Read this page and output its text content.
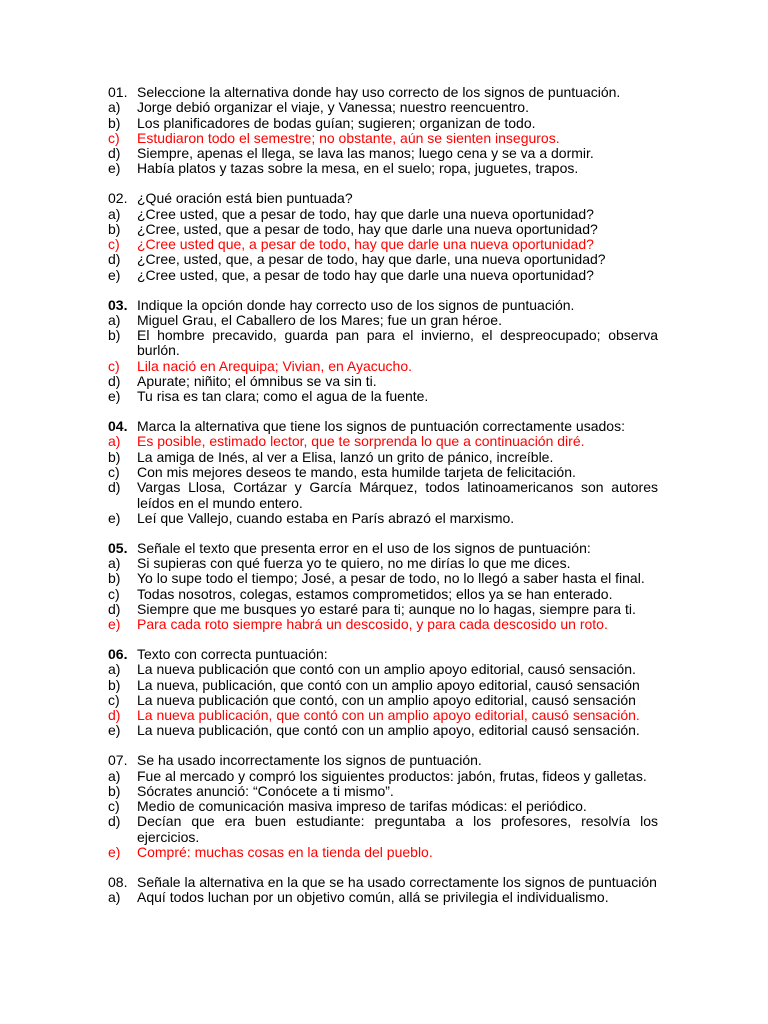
01. Seleccione la alternativa donde hay uso correcto de los signos de puntuación.
a)	Jorge debió organizar el viaje, y Vanessa; nuestro reencuentro.
b)	Los planificadores de bodas guían; sugieren; organizan de todo.
c)	Estudiaron todo el semestre; no obstante, aún se sienten inseguros.
d)	Siempre, apenas el llega, se lava las manos; luego cena y se va a dormir.
e)	Había platos y tazas sobre la mesa, en el suelo; ropa, juguetes, trapos.
02. ¿Qué oración está bien puntuada?
a)	¿Cree usted, que a pesar de todo, hay que darle una nueva oportunidad?
b)	¿Cree, usted, que a pesar de todo, hay que darle una nueva oportunidad?
c)	¿Cree usted que, a pesar de todo, hay que darle una nueva oportunidad?
d)	¿Cree, usted, que, a pesar de todo, hay que darle, una nueva oportunidad?
e)	¿Cree usted, que, a pesar de todo hay que darle una nueva oportunidad?
03. Indique la opción donde hay correcto uso de los signos de puntuación.
a)	Miguel Grau, el Caballero de los Mares; fue un gran héroe.
b)	El hombre precavido, guarda pan para el invierno, el despreocupado; observa burlón.
c)	Lila nació en Arequipa; Vivian, en Ayacucho.
d)	Apurate; niñito; el ómnibus se va sin ti.
e)	Tu risa es tan clara; como el agua de la fuente.
04. Marca la alternativa que tiene los signos de puntuación correctamente usados:
a)	Es posible, estimado lector, que te sorprenda lo que a continuación diré.
b)	La amiga de Inés, al ver a Elisa, lanzó un grito de pánico, increíble.
c)	Con mis mejores deseos te mando, esta humilde tarjeta de felicitación.
d)	Vargas Llosa, Cortázar y García Márquez, todos latinoamericanos son autores leídos en el mundo entero.
e)	Leí que Vallejo, cuando estaba en París abrazó el marxismo.
05. Señale el texto que presenta error en el uso de los signos de puntuación:
a)	Si supieras con qué fuerza yo te quiero, no me dirías lo que me dices.
b)	Yo lo supe todo el tiempo; José, a pesar de todo, no lo llegó a saber hasta el final.
c)	Todas nosotros, colegas, estamos comprometidos; ellos ya se han enterado.
d)	Siempre que me busques yo estaré para ti; aunque no lo hagas, siempre para ti.
e)	Para cada roto siempre habrá un descosido, y para cada descosido un roto.
06. Texto con correcta puntuación:
a)	La nueva publicación que contó con un amplio apoyo editorial, causó sensación.
b)	La nueva, publicación, que contó con un amplio apoyo editorial, causó sensación
c)	La nueva publicación que contó, con un amplio apoyo editorial, causó sensación
d)	La nueva publicación, que contó con un amplio apoyo editorial, causó sensación.
e)	La nueva publicación, que contó con un amplio apoyo, editorial causó sensación.
07. Se ha usado incorrectamente los signos de puntuación.
a)	Fue al mercado y compró los siguientes productos: jabón, frutas, fideos y galletas.
b)	Sócrates anunció: “Conócete a ti mismo”.
c)	Medio de comunicación masiva impreso de tarifas módicas: el periódico.
d)	Decían que era buen estudiante: preguntaba a los profesores, resolvía los ejercicios.
e)	Compré: muchas cosas en la tienda del pueblo.
08. Señale la alternativa en la que se ha usado correctamente los signos de puntuación
a)	Aquí todos luchan por un objetivo común, allá se privilegia el individualismo.
